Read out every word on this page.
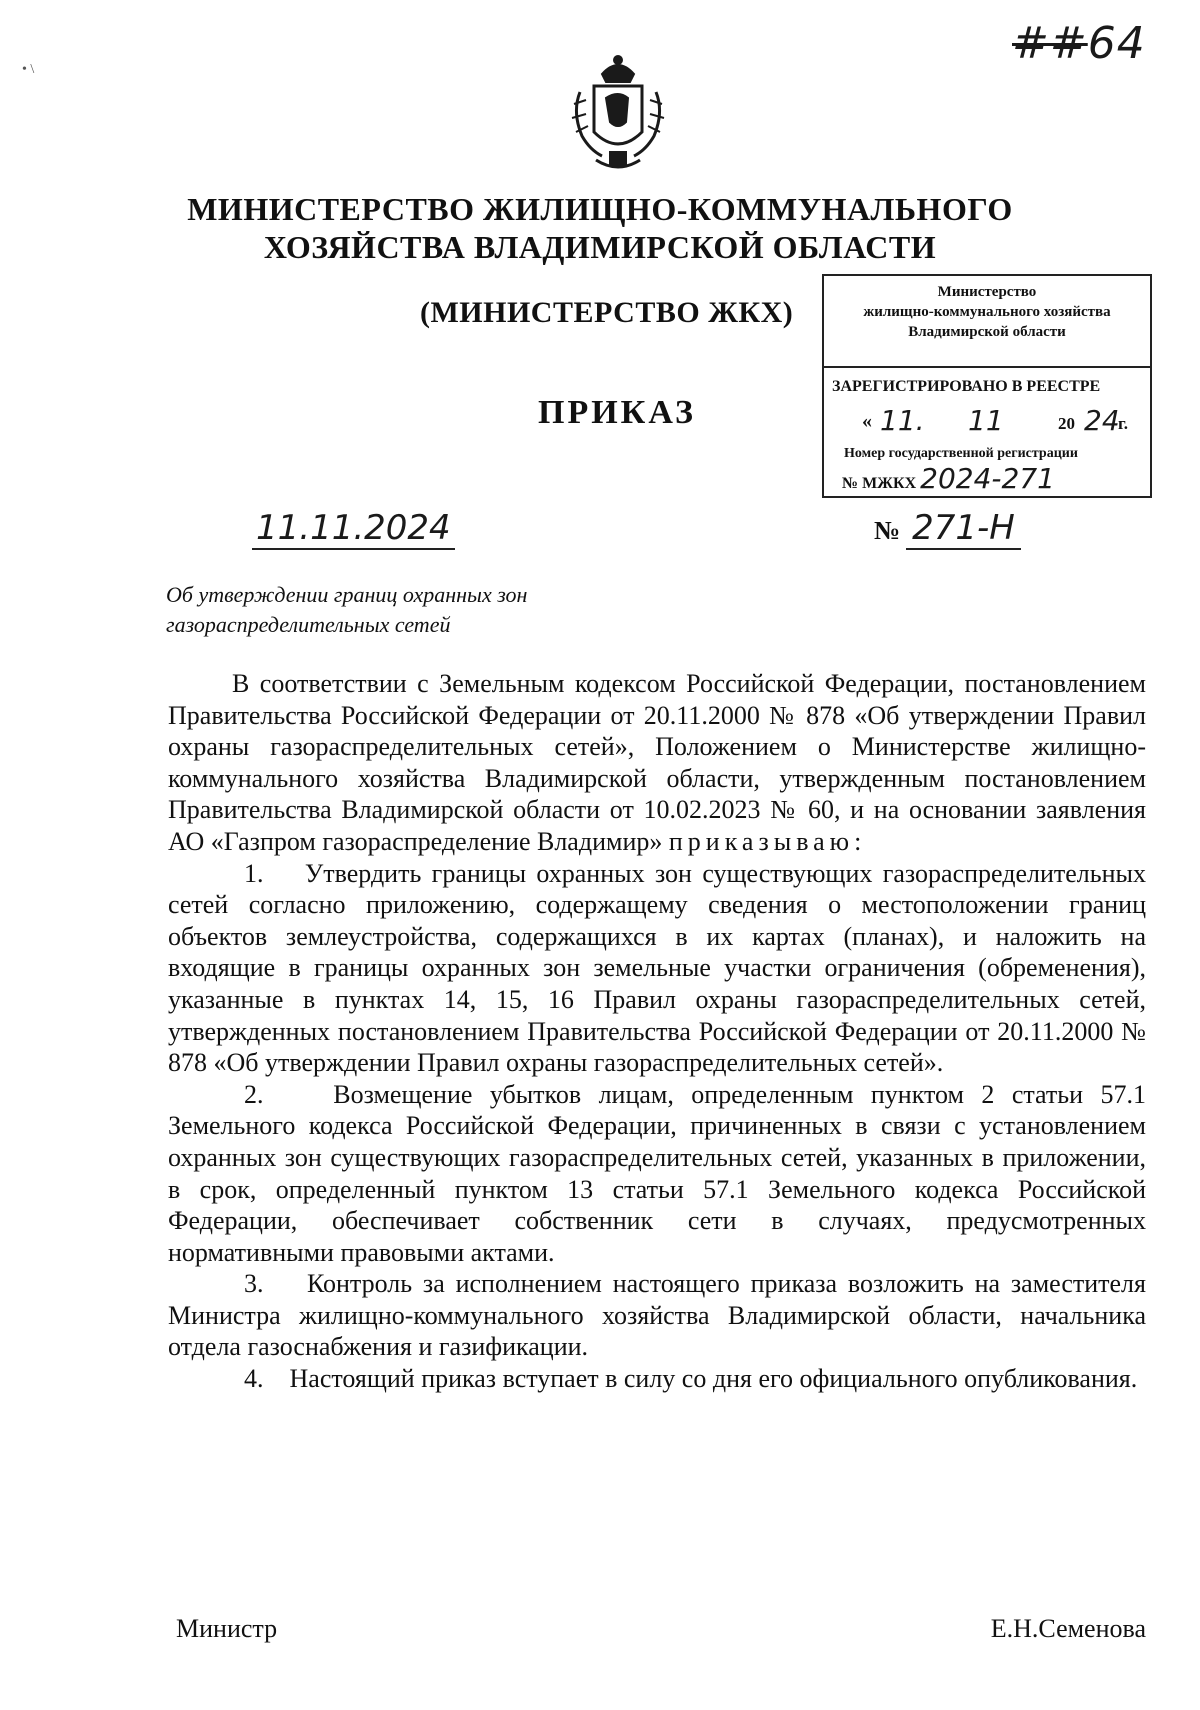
• \
##64
МИНИСТЕРСТВО ЖИЛИЩНО-КОММУНАЛЬНОГО
ХОЗЯЙСТВА ВЛАДИМИРСКОЙ ОБЛАСТИ
(МИНИСТЕРСТВО ЖКХ)
ПРИКАЗ
Министерство
жилищно-коммунального хозяйства
Владимирской области
ЗАРЕГИСТРИРОВАНО В РЕЕСТРЕ
« 11. 11	20 24
г.
Номер государственной регистрации
№ МЖКХ 2024-271
11.11.2024	№ 271-Н
Об утверждении границ охранных зон
газораспределительных сетей

В соответствии с Земельным кодексом Российской Федерации, постановлением Правительства Российской Федерации от 20.11.2000 № 878 «Об утверждении Правил охраны газораспределительных сетей», Положением о Министерстве жилищно-коммунального хозяйства Владимирской области, утвержденным постановлением Правительства Владимирской области от 10.02.2023 № 60, и на основании заявления АО «Газпром газораспределение Владимир» приказываю:

1.    Утвердить границы охранных зон существующих газораспределительных сетей согласно приложению, содержащему сведения о местоположении границ объектов землеустройства, содержащихся в их картах (планах), и наложить на входящие в границы охранных зон земельные участки ограничения (обременения), указанные в пунктах 14, 15, 16 Правил охраны газораспределительных сетей, утвержденных постановлением Правительства Российской Федерации от 20.11.2000 № 878 «Об утверждении Правил охраны газораспределительных сетей».

2.    Возмещение убытков лицам, определенным пунктом 2 статьи 57.1 Земельного кодекса Российской Федерации, причиненных в связи с установлением охранных зон существующих газораспределительных сетей, указанных в приложении, в срок, определенный пунктом 13 статьи 57.1 Земельного кодекса Российской Федерации, обеспечивает собственник сети в случаях, предусмотренных нормативными правовыми актами.

3.    Контроль за исполнением настоящего приказа возложить на заместителя Министра жилищно-коммунального хозяйства Владимирской области, начальника отдела газоснабжения и газификации.

4.    Настоящий приказ вступает в силу со дня его официального опубликования.

Министр	Е.Н.Семенова
